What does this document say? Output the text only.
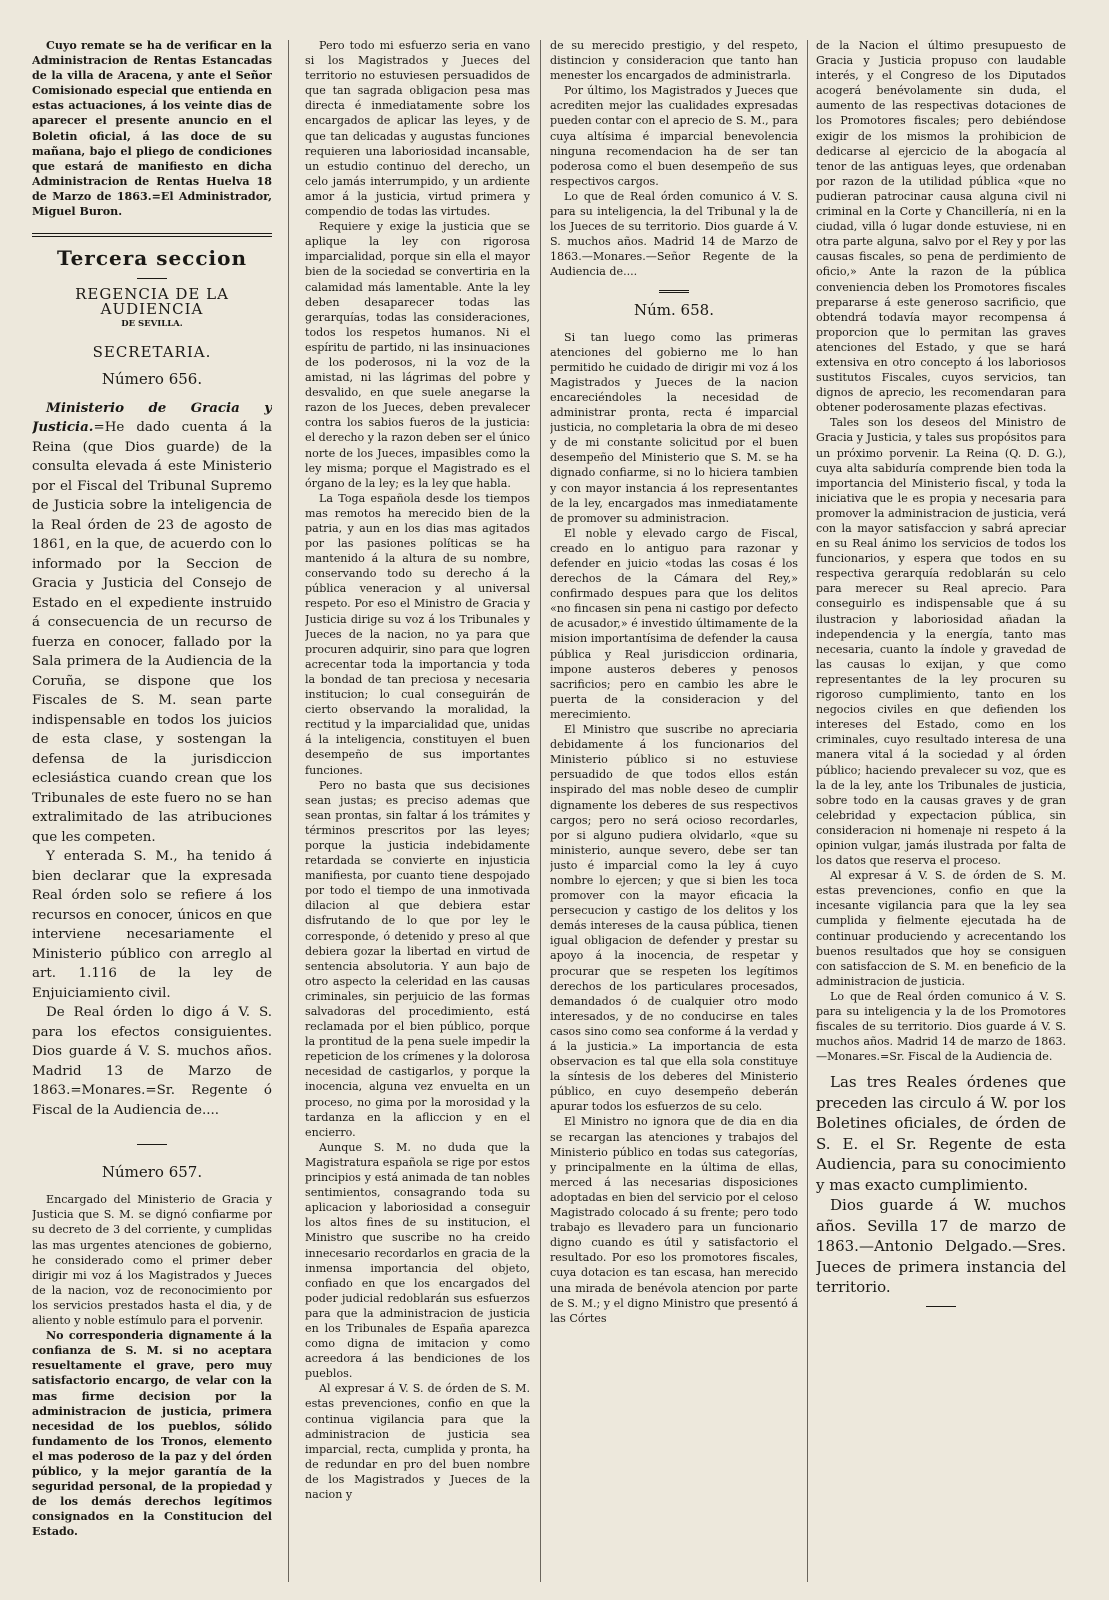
Cuyo remate se ha de verificar en la Administracion de Rentas Estancadas de la villa de Aracena, y ante el Señor Comisionado especial que entienda en estas actuaciones, á los veinte dias de aparecer el presente anuncio en el Boletin oficial, á las doce de su mañana, bajo el pliego de condiciones que estará de manifiesto en dicha Administracion de Rentas Huelva 18 de Marzo de 1863.=El Administrador, Miguel Buron.

Tercera seccion
REGENCIA DE LA AUDIENCIA
DE SEVILLA.
SECRETARIA.
Número 656.

Ministerio de Gracia y Justicia.=He dado cuenta á la Reina (que Dios guarde) de la consulta elevada á este Ministerio por el Fiscal del Tribunal Supremo de Justicia sobre la inteligencia de la Real órden de 23 de agosto de 1861, en la que, de acuerdo con lo informado por la Seccion de Gracia y Justicia del Consejo de Estado en el expediente instruido á consecuencia de un recurso de fuerza en conocer, fallado por la Sala primera de la Audiencia de la Coruña, se dispone que los Fiscales de S. M. sean parte indispensable en todos los juicios de esta clase, y sostengan la defensa de la jurisdiccion eclesiástica cuando crean que los Tribunales de este fuero no se han extralimitado de las atribuciones que les competen.

Y enterada S. M., ha tenido á bien declarar que la expresada Real órden solo se refiere á los recursos en conocer, únicos en que interviene necesariamente el Ministerio público con arreglo al art. 1.116 de la ley de Enjuiciamiento civil.

De Real órden lo digo á V. S. para los efectos consiguientes. Dios guarde á V. S. muchos años. Madrid 13 de Marzo de 1863.=Monares.=Sr. Regente ó Fiscal de la Audiencia de....

Número 657.

Encargado del Ministerio de Gracia y Justicia que S. M. se dignó confiarme por su decreto de 3 del corriente, y cumplidas las mas urgentes atenciones de gobierno, he considerado como el primer deber dirigir mi voz á los Magistrados y Jueces de la nacion, voz de reconocimiento por los servicios prestados hasta el dia, y de aliento y noble estímulo para el porvenir.

No corresponderia dignamente á la confianza de S. M. si no aceptara resueltamente el grave, pero muy satisfactorio encargo, de velar con la mas firme decision por la administracion de justicia, primera necesidad de los pueblos, sólido fundamento de los Tronos, elemento el mas poderoso de la paz y del órden público, y la mejor garantía de la seguridad personal, de la propiedad y de los demás derechos legítimos consignados en la Constitucion del Estado.

Pero todo mi esfuerzo seria en vano si los Magistrados y Jueces del territorio no estuviesen persuadidos de que tan sagrada obligacion pesa mas directa é inmediatamente sobre los encargados de aplicar las leyes, y de que tan delicadas y augustas funciones requieren una laboriosidad incansable, un estudio continuo del derecho, un celo jamás interrumpido, y un ardiente amor á la justicia, virtud primera y compendio de todas las virtudes.

Requiere y exige la justicia que se aplique la ley con rigorosa imparcialidad, porque sin ella el mayor bien de la sociedad se convertiria en la calamidad más lamentable. Ante la ley deben desaparecer todas las gerarquías, todas las consideraciones, todos los respetos humanos. Ni el espíritu de partido, ni las insinuaciones de los poderosos, ni la voz de la amistad, ni las lágrimas del pobre y desvalido, en que suele anegarse la razon de los Jueces, deben prevalecer contra los sabios fueros de la justicia: el derecho y la razon deben ser el único norte de los Jueces, impasibles como la ley misma; porque el Magistrado es el órgano de la ley; es la ley que habla.

La Toga española desde los tiempos mas remotos ha merecido bien de la patria, y aun en los dias mas agitados por las pasiones políticas se ha mantenido á la altura de su nombre, conservando todo su derecho á la pública veneracion y al universal respeto. Por eso el Ministro de Gracia y Justicia dirige su voz á los Tribunales y Jueces de la nacion, no ya para que procuren adquirir, sino para que logren acrecentar toda la importancia y toda la bondad de tan preciosa y necesaria institucion; lo cual conseguirán de cierto observando la moralidad, la rectitud y la imparcialidad que, unidas á la inteligencia, constituyen el buen desempeño de sus importantes funciones.

Pero no basta que sus decisiones sean justas; es preciso ademas que sean prontas, sin faltar á los trámites y términos prescritos por las leyes; porque la justicia indebidamente retardada se convierte en injusticia manifiesta, por cuanto tiene despojado por todo el tiempo de una inmotivada dilacion al que debiera estar disfrutando de lo que por ley le corresponde, ó detenido y preso al que debiera gozar la libertad en virtud de sentencia absolutoria. Y aun bajo de otro aspecto la celeridad en las causas criminales, sin perjuicio de las formas salvadoras del procedimiento, está reclamada por el bien público, porque la prontitud de la pena suele impedir la repeticion de los crímenes y la dolorosa necesidad de castigarlos, y porque la inocencia, alguna vez envuelta en un proceso, no gima por la morosidad y la tardanza en la afliccion y en el encierro.

Aunque S. M. no duda que la Magistratura española se rige por estos principios y está animada de tan nobles sentimientos, consagrando toda su aplicacion y laboriosidad a conseguir los altos fines de su institucion, el Ministro que suscribe no ha creido innecesario recordarlos en gracia de la inmensa importancia del objeto, confiado en que los encargados del poder judicial redoblarán sus esfuerzos para que la administracion de justicia en los Tribunales de España aparezca como digna de imitacion y como acreedora á las bendiciones de los pueblos.

Al expresar á V. S. de órden de S. M. estas prevenciones, confio en que la continua vigilancia para que la administracion de justicia sea imparcial, recta, cumplida y pronta, ha de redundar en pro del buen nombre de los Magistrados y Jueces de la nacion y

de su merecido prestigio, y del respeto, distincion y consideracion que tanto han menester los encargados de administrarla.

Por último, los Magistrados y Jueces que acrediten mejor las cualidades expresadas pueden contar con el aprecio de S. M., para cuya altísima é imparcial benevolencia ninguna recomendacion ha de ser tan poderosa como el buen desempeño de sus respectivos cargos.

Lo que de Real órden comunico á V. S. para su inteligencia, la del Tribunal y la de los Jueces de su territorio. Dios guarde á V. S. muchos años. Madrid 14 de Marzo de 1863.—Monares.—Señor Regente de la Audiencia de....

Núm. 658.

Si tan luego como las primeras atenciones del gobierno me lo han permitido he cuidado de dirigir mi voz á los Magistrados y Jueces de la nacion encareciéndoles la necesidad de administrar pronta, recta é imparcial justicia, no completaria la obra de mi deseo y de mi constante solicitud por el buen desempeño del Ministerio que S. M. se ha dignado confiarme, si no lo hiciera tambien y con mayor instancia á los representantes de la ley, encargados mas inmediatamente de promover su administracion.

El noble y elevado cargo de Fiscal, creado en lo antiguo para razonar y defender en juicio «todas las cosas é los derechos de la Cámara del Rey,» confirmado despues para que los delitos «no fincasen sin pena ni castigo por defecto de acusador,» é investido últimamente de la mision importantísima de defender la causa pública y Real jurisdiccion ordinaria, impone austeros deberes y penosos sacrificios; pero en cambio les abre le puerta de la consideracion y del merecimiento.

El Ministro que suscribe no apreciaria debidamente á los funcionarios del Ministerio público si no estuviese persuadido de que todos ellos están inspirado del mas noble deseo de cumplir dignamente los deberes de sus respectivos cargos; pero no será ocioso recordarles, por si alguno pudiera olvidarlo, «que su ministerio, aunque severo, debe ser tan justo é imparcial como la ley á cuyo nombre lo ejercen; y que si bien les toca promover con la mayor eficacia la persecucion y castigo de los delitos y los demás intereses de la causa pública, tienen igual obligacion de defender y prestar su apoyo á la inocencia, de respetar y procurar que se respeten los legítimos derechos de los particulares procesados, demandados ó de cualquier otro modo interesados, y de no conducirse en tales casos sino como sea conforme á la verdad y á la justicia.» La importancia de esta observacion es tal que ella sola constituye la síntesis de los deberes del Ministerio público, en cuyo desempeño deberán apurar todos los esfuerzos de su celo.

El Ministro no ignora que de dia en dia se recargan las atenciones y trabajos del Ministerio público en todas sus categorías, y principalmente en la última de ellas, merced á las necesarias disposiciones adoptadas en bien del servicio por el celoso Magistrado colocado á su frente; pero todo trabajo es llevadero para un funcionario digno cuando es útil y satisfactorio el resultado. Por eso los promotores fiscales, cuya dotacion es tan escasa, han merecido una mirada de benévola atencion por parte de S. M.; y el digno Ministro que presentó á las Córtes

de la Nacion el último presupuesto de Gracia y Justicia propuso con laudable interés, y el Congreso de los Diputados acogerá benévolamente sin duda, el aumento de las respectivas dotaciones de los Promotores fiscales; pero debiéndose exigir de los mismos la prohibicion de dedicarse al ejercicio de la abogacía al tenor de las antiguas leyes, que ordenaban por razon de la utilidad pública «que no pudieran patrocinar causa alguna civil ni criminal en la Corte y Chancillería, ni en la ciudad, villa ó lugar donde estuviese, ni en otra parte alguna, salvo por el Rey y por las causas fiscales, so pena de perdimiento de oficio,» Ante la razon de la pública conveniencia deben los Promotores fiscales prepararse á este generoso sacrificio, que obtendrá todavía mayor recompensa á proporcion que lo permitan las graves atenciones del Estado, y que se hará extensiva en otro concepto á los laboriosos sustitutos Fiscales, cuyos servicios, tan dignos de aprecio, les recomendaran para obtener poderosamente plazas efectivas.

Tales son los deseos del Ministro de Gracia y Justicia, y tales sus propósitos para un próximo porvenir. La Reina (Q. D. G.), cuya alta sabiduría comprende bien toda la importancia del Ministerio fiscal, y toda la iniciativa que le es propia y necesaria para promover la administracion de justicia, verá con la mayor satisfaccion y sabrá apreciar en su Real ánimo los servicios de todos los funcionarios, y espera que todos en su respectiva gerarquía redoblarán su celo para merecer su Real aprecio. Para conseguirlo es indispensable que á su ilustracion y laboriosidad añadan la independencia y la energía, tanto mas necesaria, cuanto la índole y gravedad de las causas lo exijan, y que como representantes de la ley procuren su rigoroso cumplimiento, tanto en los negocios civiles en que defienden los intereses del Estado, como en los criminales, cuyo resultado interesa de una manera vital á la sociedad y al órden público; haciendo prevalecer su voz, que es la de la ley, ante los Tribunales de justicia, sobre todo en la causas graves y de gran celebridad y expectacion pública, sin consideracion ni homenaje ni respeto á la opinion vulgar, jamás ilustrada por falta de los datos que reserva el proceso.

Al expresar á V. S. de órden de S. M. estas prevenciones, confio en que la incesante vigilancia para que la ley sea cumplida y fielmente ejecutada ha de continuar produciendo y acrecentando los buenos resultados que hoy se consiguen con satisfaccion de S. M. en beneficio de la administracion de justicia.

Lo que de Real órden comunico á V. S. para su inteligencia y la de los Promotores fiscales de su territorio. Dios guarde á V. S. muchos años. Madrid 14 de marzo de 1863.—Monares.=Sr. Fiscal de la Audiencia de.

Las tres Reales órdenes que preceden las circulo á W. por los Boletines oficiales, de órden de S. E. el Sr. Regente de esta Audiencia, para su conocimiento y mas exacto cumplimiento.

Dios guarde á W. muchos años. Sevilla 17 de marzo de 1863.—Antonio Delgado.—Sres. Jueces de primera instancia del territorio.
